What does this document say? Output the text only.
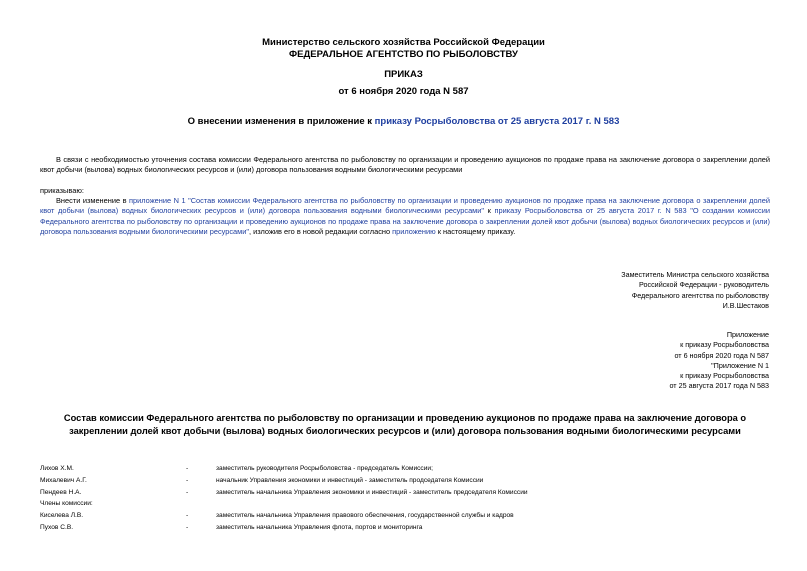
Министерство сельского хозяйства Российской Федерации
ФЕДЕРАЛЬНОЕ АГЕНТСТВО ПО РЫБОЛОВСТВУ
ПРИКАЗ
от 6 ноября 2020 года N 587
О внесении изменения в приложение к приказу Росрыболовства от 25 августа 2017 г. N 583
В связи с необходимостью уточнения состава комиссии Федерального агентства по рыболовству по организации и проведению аукционов по продаже права на заключение договора о закреплении долей квот добычи (вылова) водных биологических ресурсов и (или) договора пользования водными биологическими ресурсами
приказываю:
Внести изменение в приложение N 1 "Состав комиссии Федерального агентства по рыболовству по организации и проведению аукционов по продаже права на заключение договора о закреплении долей квот добычи (вылова) водных биологических ресурсов и (или) договора пользования водными биологическими ресурсами" к приказу Росрыболовства от 25 августа 2017 г. N 583 "О создании комиссии Федерального агентства по рыболовству по организации и проведению аукционов по продаже права на заключение договора о закреплении долей квот добычи (вылова) водных биологических ресурсов и (или) договора пользования водными биологическими ресурсами", изложив его в новой редакции согласно приложению к настоящему приказу.
Заместитель Министра сельского хозяйства
Российской Федерации - руководитель
Федерального агентства по рыболовству
И.В.Шестаков
Приложение
к приказу Росрыболовства
от 6 ноября 2020 года N 587
"Приложение N 1
к приказу Росрыболовства
от 25 августа 2017 года N 583
Состав комиссии Федерального агентства по рыболовству по организации и проведению аукционов по продаже права на заключение договора о закреплении долей квот добычи (вылова) водных биологических ресурсов и (или) договора пользования водными биологическими ресурсами
Лихов Х.М.	-	заместитель руководителя Росрыболовства - председатель Комиссии;
Михалевич А.Г.	-	начальник Управления экономики и инвестиций - заместитель продседателя Комиссии
Пендеев Н.А.	-	заместитель начальника Управления экономики и инвестиций - заместитель председателя Комиссии
Члены комиссии:
Киселева Л.В.	-	заместитель начальника Управления правового обеспечения, государственной службы и кадров
Пухов С.В.	-	заместитель начальника Управления флота, портов и мониторинга
